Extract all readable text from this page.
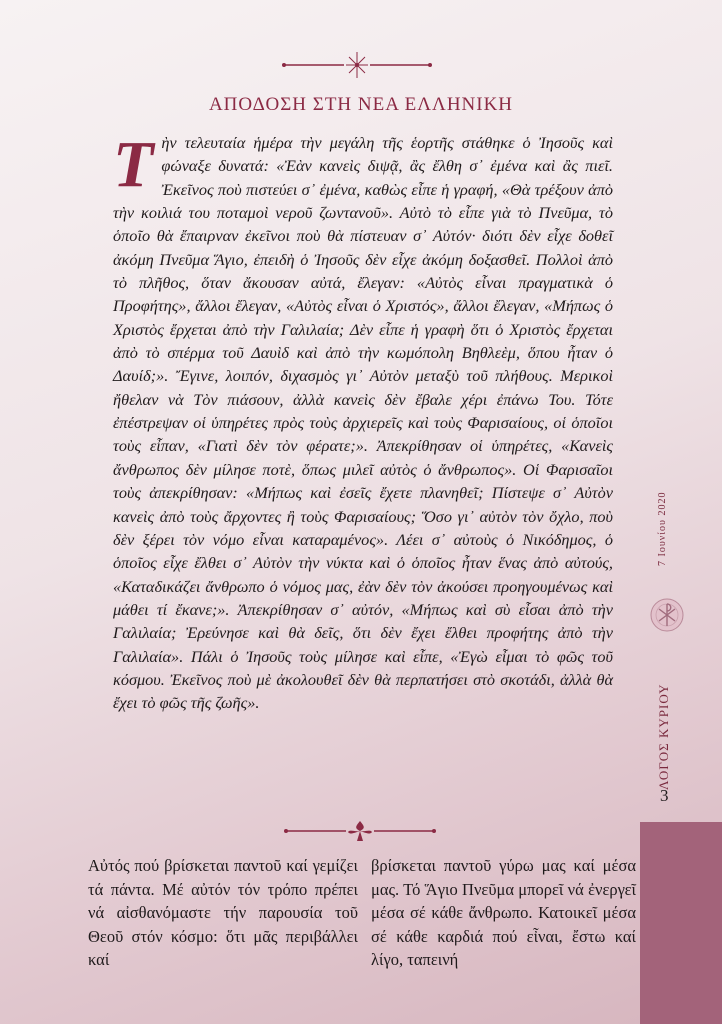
ΑΠΟΔΟΣΗ ΣΤΗ ΝΕΑ ΕΛΛΗΝΙΚΗ
Τὴν τελευταία ἡμέρα τὴν μεγάλη τῆς ἑορτῆς στάθηκε ὁ Ἰησοῦς καὶ φώναξε δυνατά: «Ἐὰν κανεὶς διψᾷ, ἂς ἔλθη σ᾽ ἐμένα καὶ ἂς πιεῖ. Ἐκεῖνος ποὺ πιστεύει σ᾽ ἐμένα, καθὼς εἶπε ἡ γραφή, «Θὰ τρέξουν ἀπὸ τὴν κοιλιά του ποταμοὶ νεροῦ ζωντανοῦ». Αὐτὸ τὸ εἶπε γιὰ τὸ Πνεῦμα, τὸ ὁποῖο θὰ ἔπαιρναν ἐκεῖνοι ποὺ θὰ πίστευαν σ᾽ Αὐτόν· διότι δὲν εἶχε δοθεῖ ἀκόμη Πνεῦμα Ἅγιο, ἐπειδὴ ὁ Ἰησοῦς δὲν εἶχε ἀκόμη δοξασθεῖ. Πολλοὶ ἀπὸ τὸ πλῆθος, ὅταν ἄκουσαν αὐτά, ἔλεγαν: «Αὐτὸς εἶναι πραγματικὰ ὁ Προφήτης», ἄλλοι ἔλεγαν, «Αὐτὸς εἶναι ὁ Χριστός», ἄλλοι ἔλεγαν, «Μήπως ὁ Χριστὸς ἔρχεται ἀπὸ τὴν Γαλιλαία; Δὲν εἶπε ἡ γραφὴ ὅτι ὁ Χριστὸς ἔρχεται ἀπὸ τὸ σπέρμα τοῦ Δαυὶδ καὶ ἀπὸ τὴν κωμόπολη Βηθλεὲμ, ὅπου ἦταν ὁ Δαυίδ;». Ἔγινε, λοιπόν, διχασμὸς γι᾽ Αὐτὸν μεταξὺ τοῦ πλήθους. Μερικοὶ ἤθελαν νὰ Τὸν πιάσουν, ἀλλὰ κανεὶς δὲν ἔβαλε χέρι ἐπάνω Του. Τότε ἐπέστρεψαν οἱ ὑπηρέτες πρὸς τοὺς ἀρχιερεῖς καὶ τοὺς Φαρισαίους, οἱ ὁποῖοι τοὺς εἶπαν, «Γιατὶ δὲν τὸν φέρατε;». Ἀπεκρίθησαν οἱ ὑπηρέτες, «Κανεὶς ἄνθρωπος δὲν μίλησε ποτὲ, ὅπως μιλεῖ αὐτὸς ὁ ἄνθρωπος». Οἱ Φαρισαῖοι τοὺς ἀπεκρίθησαν: «Μήπως καὶ ἐσεῖς ἔχετε πλανηθεῖ; Πίστεψε σ᾽ Αὐτὸν κανεὶς ἀπὸ τοὺς ἄρχοντες ἢ τοὺς Φαρισαίους; Ὅσο γι᾽ αὐτὸν τὸν ὄχλο, ποὺ δὲν ξέρει τὸν νόμο εἶναι καταραμένος». Λέει σ᾽ αὐτοὺς ὁ Νικόδημος, ὁ ὁποῖος εἶχε ἔλθει σ᾽ Αὐτὸν τὴν νύκτα καὶ ὁ ὁποῖος ἦταν ἕνας ἀπὸ αὐτούς, «Καταδικάζει ἄνθρωπο ὁ νόμος μας, ἐὰν δὲν τὸν ἀκούσει προηγουμένως καὶ μάθει τί ἔκανε;». Ἀπεκρίθησαν σ᾽ αὐτόν, «Μήπως καὶ σὺ εἶσαι ἀπὸ τὴν Γαλιλαία; Ἐρεύνησε καὶ θὰ δεῖς, ὅτι δὲν ἔχει ἔλθει προφήτης ἀπὸ τὴν Γαλιλαία». Πάλι ὁ Ἰησοῦς τοὺς μίλησε καὶ εἶπε, «Ἐγὼ εἶμαι τὸ φῶς τοῦ κόσμου. Ἐκεῖνος ποὺ μὲ ἀκολουθεῖ δὲν θὰ περπατήσει στὸ σκοτάδι, ἀλλὰ θὰ ἔχει τὸ φῶς τῆς ζωῆς».
Αὐτός πού βρίσκεται παντοῦ καί γεμίζει τά πάντα. Μέ αὐτόν τόν τρόπο πρέπει νά αἰσθανόμαστε τήν παρουσία τοῦ Θεοῦ στόν κόσμο: ὅτι μᾶς περιβάλλει καί
βρίσκεται παντοῦ γύρω μας καί μέσα μας. Τό Ἅγιο Πνεῦμα μπορεῖ νά ἐνεργεῖ μέσα σέ κάθε ἄνθρωπο. Κατοικεῖ μέσα σέ κάθε καρδιά πού εἶναι, ἔστω καί λίγο, ταπεινή
7 Ιουνίου 2020
ΛΟΓΟΣ ΚΥΡΙΟΥ
3
